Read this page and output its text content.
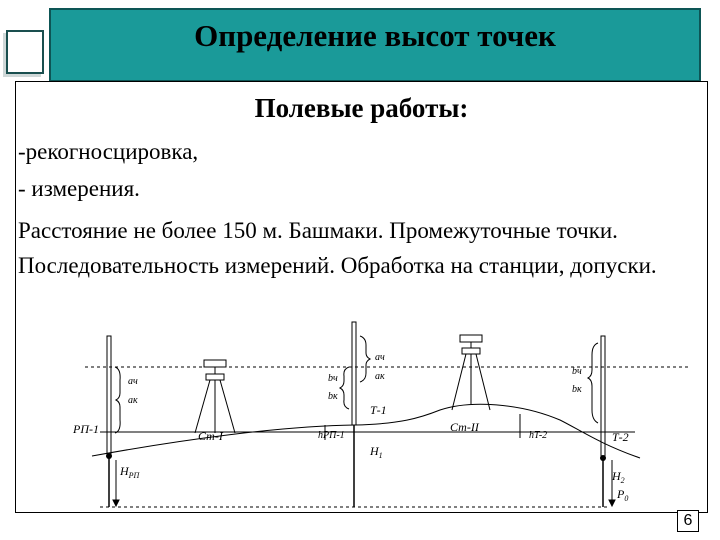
Определение высот точек
Полевые работы:
-рекогносцировка,
- измерения.
Расстояние не более 150 м. Башмаки. Промежуточные точки. Последовательность измерений. Обработка на станции, допуски.
РП-1	Ст-I
Ст-II
Т-1
Т-2
aч
aк
bч
bк
aч
aк	bч
bк
hРП-1	hT-2
$H_{РП}$
$H_1$
$H_2$
$P_0$
6
